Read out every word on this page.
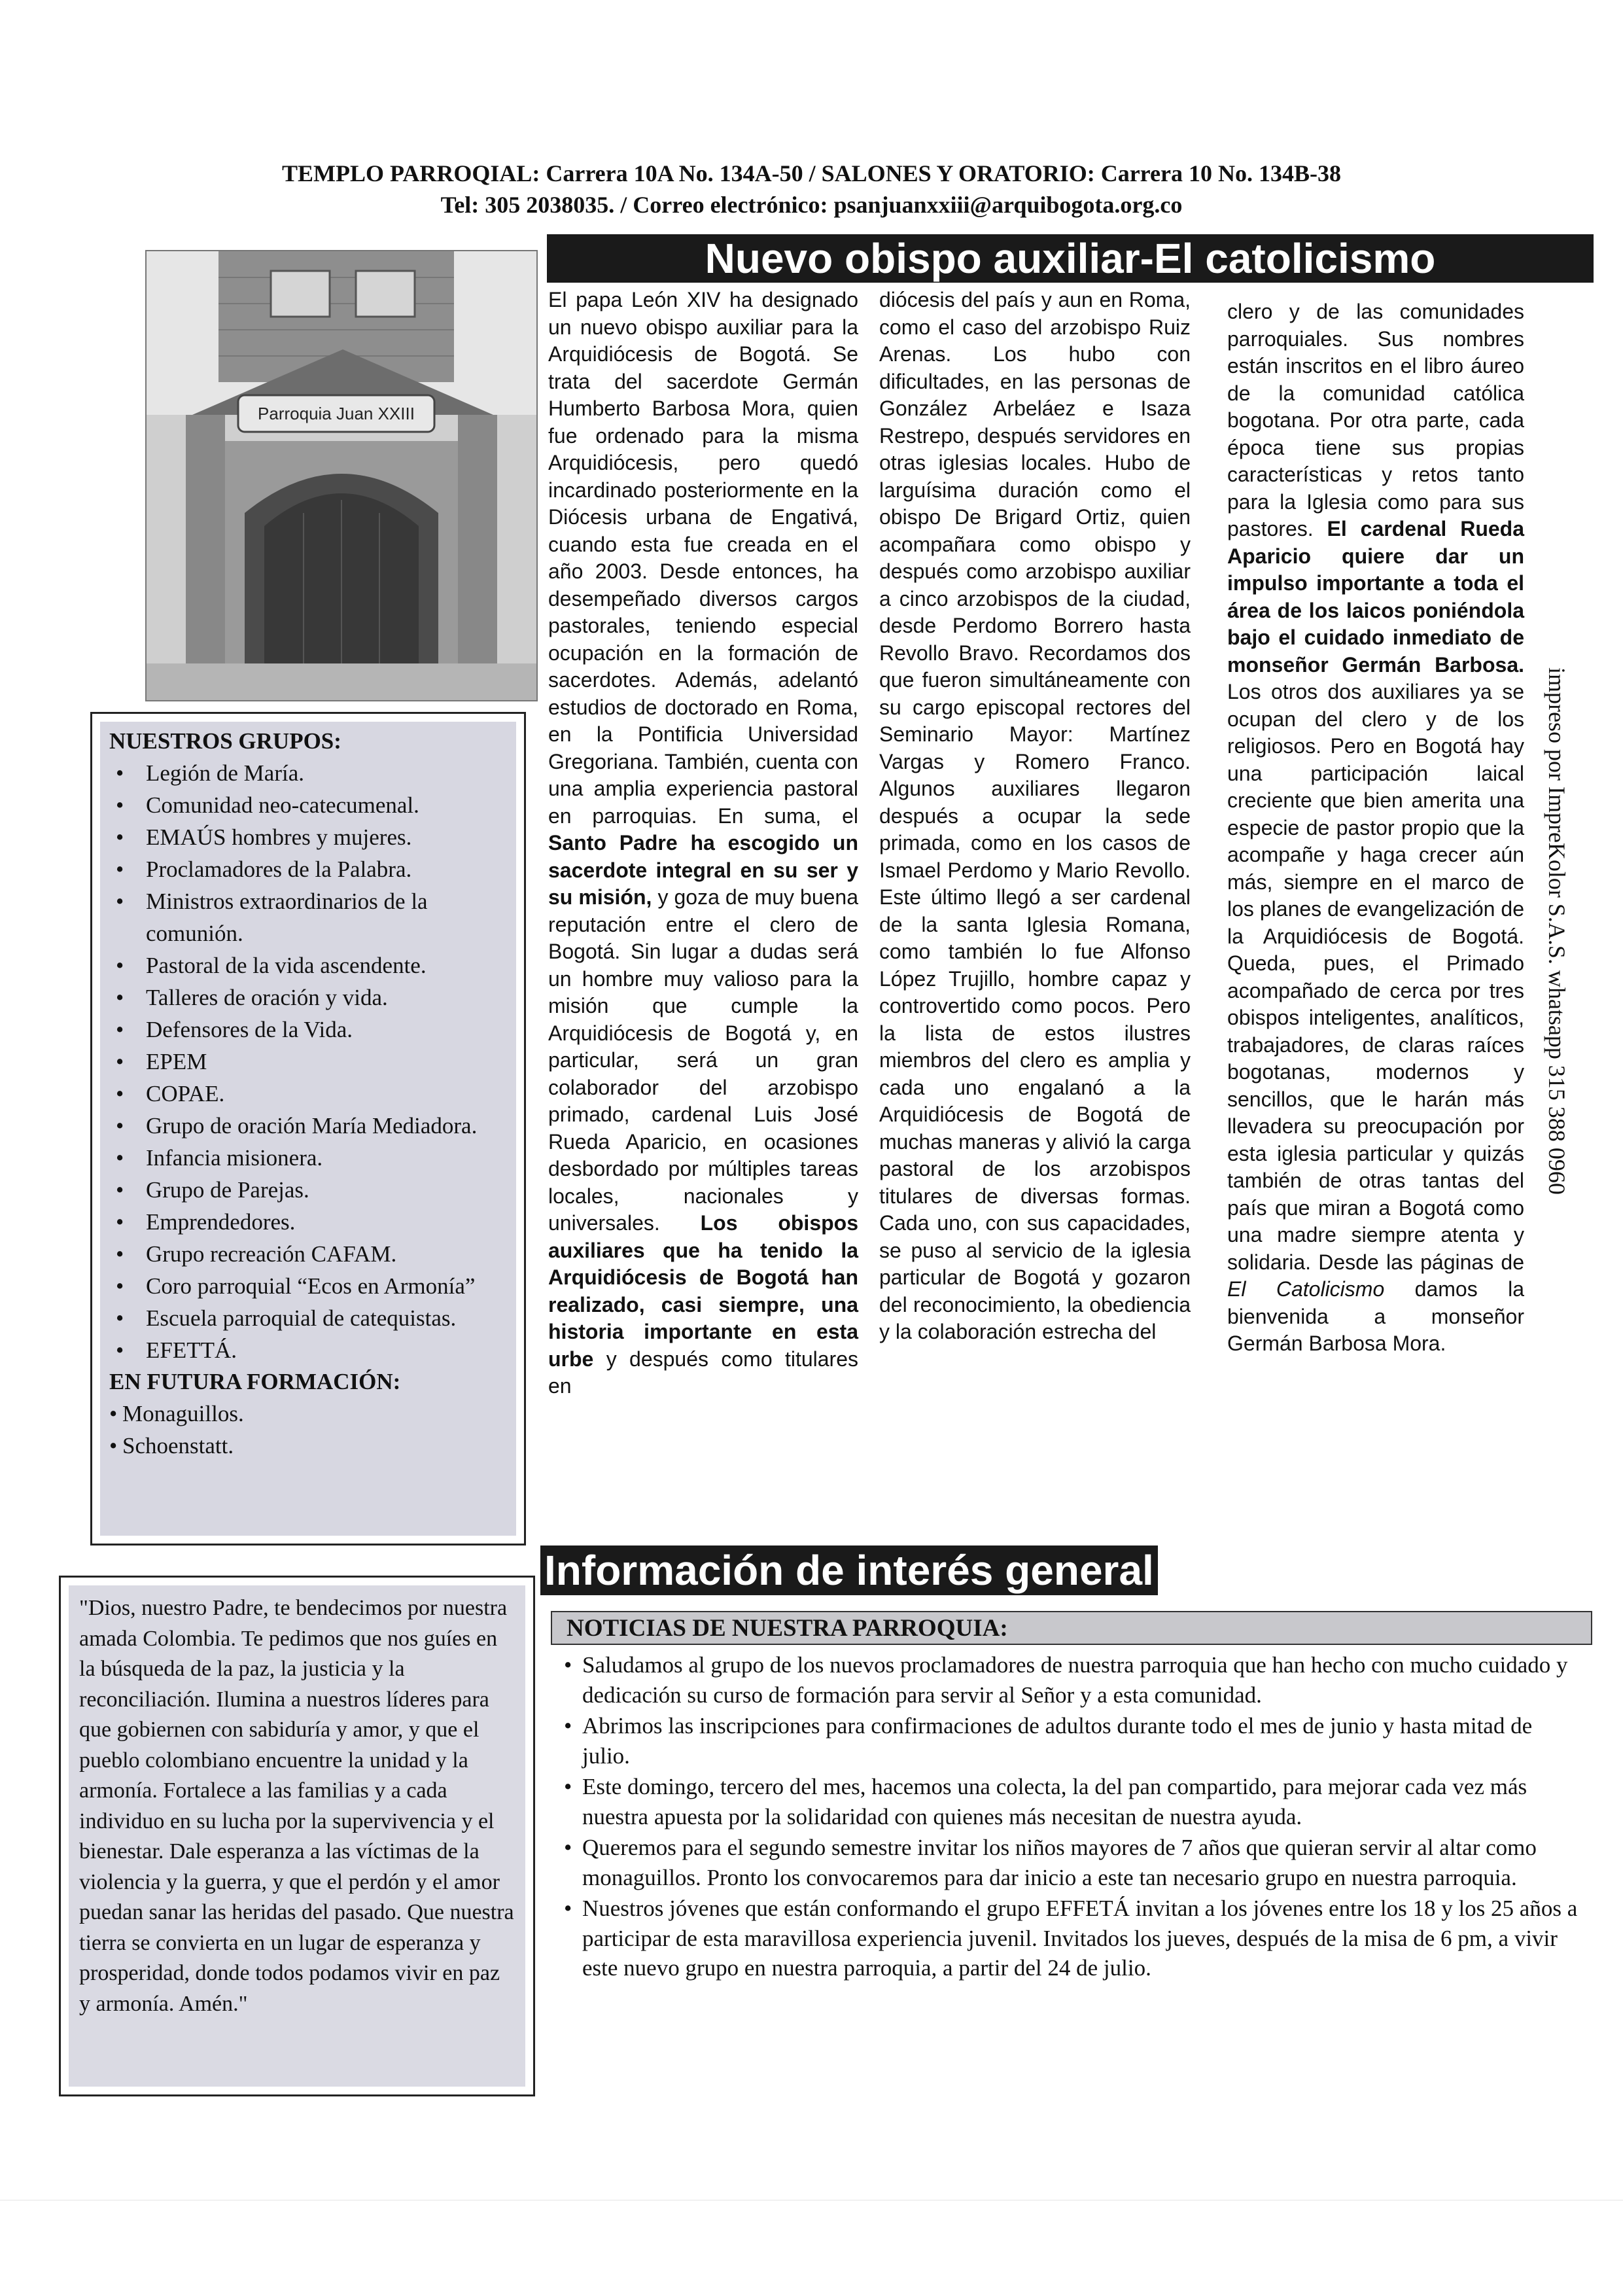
TEMPLO PARROQIAL: Carrera 10A No. 134A-50 / SALONES Y ORATORIO: Carrera 10 No. 134B-38
Tel: 305 2038035. / Correo electrónico: psanjuanxxiii@arquibogota.org.co
Nuevo obispo auxiliar-El catolicismo
Parroquia Juan XXIII
El papa León XIV ha designado un nuevo obispo auxiliar para la Arquidiócesis de Bogotá. Se trata del sacerdote Germán Humberto Barbosa Mora, quien fue ordenado para la misma Arquidiócesis, pero quedó incardinado posteriormente en la Diócesis urbana de Engativá, cuando esta fue creada en el año 2003. Desde entonces, ha desempeñado diversos cargos pastorales, teniendo especial ocupación en la formación de sacerdotes. Además, adelantó estudios de doctorado en Roma, en la Pontificia Universidad Gregoriana. También, cuenta con una amplia experiencia pastoral en parroquias. En suma, el Santo Padre ha escogido un sacerdote integral en su ser y su misión, y goza de muy buena reputación entre el clero de Bogotá. Sin lugar a dudas será un hombre muy valioso para la misión que cumple la Arquidiócesis de Bogotá y, en particular, será un gran colaborador del arzobispo primado, cardenal Luis José Rueda Aparicio, en ocasiones desbordado por múltiples tareas locales, nacionales y universales. Los obispos auxiliares que ha tenido la Arquidiócesis de Bogotá han realizado, casi siempre, una historia importante en esta urbe y después como titulares en
diócesis del país y aun en Roma, como el caso del arzobispo Ruiz Arenas. Los hubo con dificultades, en las personas de González Arbeláez e Isaza Restrepo, después servidores en otras iglesias locales. Hubo de larguísima duración como el obispo De Brigard Ortiz, quien acompañara como obispo y después como arzobispo auxiliar a cinco arzobispos de la ciudad, desde Perdomo Borrero hasta Revollo Bravo. Recordamos dos que fueron simultáneamente con su cargo episcopal rectores del Seminario Mayor: Martínez Vargas y Romero Franco. Algunos auxiliares llegaron después a ocupar la sede primada, como en los casos de Ismael Perdomo y Mario Revollo. Este último llegó a ser cardenal de la santa Iglesia Romana, como también lo fue Alfonso López Trujillo, hombre capaz y controvertido como pocos. Pero la lista de estos ilustres miembros del clero es amplia y cada uno engalanó a la Arquidiócesis de Bogotá de muchas maneras y alivió la carga pastoral de los arzobispos titulares de diversas formas. Cada uno, con sus capacidades, se puso al servicio de la iglesia particular de Bogotá y gozaron del reconocimiento, la obediencia y la colaboración estrecha del
clero y de las comunidades parroquiales. Sus nombres están inscritos en el libro áureo de la comunidad católica bogotana. Por otra parte, cada época tiene sus propias características y retos tanto para la Iglesia como para sus pastores. El cardenal Rueda Aparicio quiere dar un impulso importante a toda el área de los laicos poniéndola bajo el cuidado inmediato de monseñor Germán Barbosa. Los otros dos auxiliares ya se ocupan del clero y de los religiosos. Pero en Bogotá hay una participación laical creciente que bien amerita una especie de pastor propio que la acompañe y haga crecer aún más, siempre en el marco de los planes de evangelización de la Arquidiócesis de Bogotá. Queda, pues, el Primado acompañado de cerca por tres obispos inteligentes, analíticos, trabajadores, de claras raíces bogotanas, modernos y sencillos, que le harán más llevadera su preocupación por esta iglesia particular y quizás también de otras tantas del país que miran a Bogotá como una madre siempre atenta y solidaria. Desde las páginas de El Catolicismo damos la bienvenida a monseñor Germán Barbosa Mora.
NUESTROS GRUPOS:
• Legión de María.
• Comunidad neo-catecumenal.
• EMAÚS hombres y mujeres.
• Proclamadores de la Palabra.
• Ministros extraordinarios de la comunión.
• Pastoral de la vida ascendente.
• Talleres de oración y vida.
• Defensores de la Vida.
• EPEM
• COPAE.
• Grupo de oración María Mediadora.
• Infancia misionera.
• Grupo de Parejas.
• Emprendedores.
• Grupo recreación CAFAM.
• Coro parroquial “Ecos en Armonía”
• Escuela parroquial de catequistas.
• EFETTÁ.
EN FUTURA FORMACIÓN:
• Monaguillos.
• Schoenstatt.
"Dios, nuestro Padre, te bendecimos por nuestra amada Colombia. Te pedimos que nos guíes en la búsqueda de la paz, la justicia y la reconciliación. Ilumina a nuestros líderes para que gobiernen con sabiduría y amor, y que el pueblo colombiano encuentre la unidad y la armonía. Fortalece a las familias y a cada individuo en su lucha por la supervivencia y el bienestar. Dale esperanza a las víctimas de la violencia y la guerra, y que el perdón y el amor puedan sanar las heridas del pasado. Que nuestra tierra se convierta en un lugar de esperanza y prosperidad, donde todos podamos vivir en paz y armonía. Amén."
Información de interés general
NOTICIAS DE NUESTRA PARROQUIA:
• Saludamos al grupo de los nuevos proclamadores de nuestra parroquia que han hecho con mucho cuidado y dedicación su curso de formación para servir al Señor y a esta comunidad.
• Abrimos las inscripciones para confirmaciones de adultos durante todo el mes de junio y hasta mitad de julio.
• Este domingo, tercero del mes, hacemos una colecta, la del pan compartido, para mejorar cada vez más nuestra apuesta por la solidaridad con quienes más necesitan de nuestra ayuda.
• Queremos para el segundo semestre invitar los niños mayores de 7 años que quieran servir al altar como monaguillos. Pronto los convocaremos para dar inicio a este tan necesario grupo en nuestra parroquia.
• Nuestros jóvenes que están conformando el grupo EFFETÁ invitan a los jóvenes entre los 18 y los 25 años a participar de esta maravillosa experiencia juvenil. Invitados los jueves, después de la misa de 6 pm, a vivir este nuevo grupo en nuestra parroquia, a partir del 24 de julio.
impreso por ImpreKolor S.A.S. whatsapp 315 388 0960
